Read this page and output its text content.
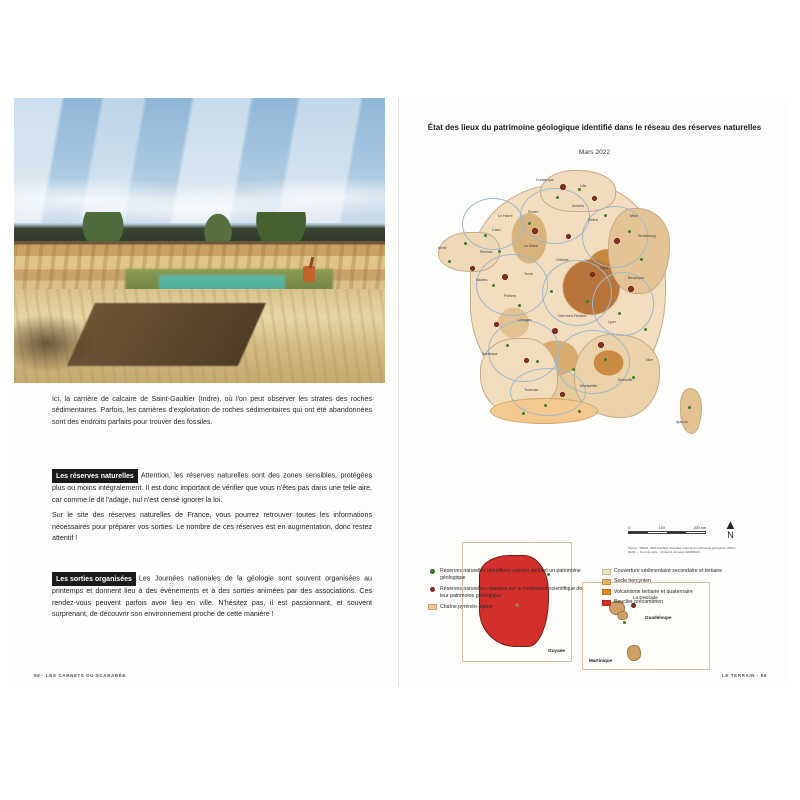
Ici, la carrière de calcaire de Saint-Gaultier (Indre), où l'on peut observer les strates des roches sédimentaires. Parfois, les carrières d'exploitation de roches sédimentaires qui ont été abandonnées sont des endroits parfaits pour trouver des fossiles.

Les réserves naturelles Attention, les réserves naturelles sont des zones sensibles, protégées plus ou moins intégralement. Il est donc important de vérifier que vous n'êtes pas dans une telle aire, car comme le dit l'adage, nul n'est censé ignorer la loi.

Sur le site des réserves naturelles de France, vous pourrez retrouver toutes les informations nécessaires pour préparer vos sorties. Le nombre de ces réserves est en augmentation, donc restez attentif !

Les sorties organisées Les Journées nationales de la géologie sont souvent organisées au printemps et donnent lieu à des évènements et à des sorties animées par des associations. Ces rendez-vous peuvent parfois avoir lieu en ville. N'hésitez pas, il est passionnant, et souvent surprenant, de découvrir son environnement proche de cette manière !

88 · LES CARNETS DU SCARABÉE
État des lieux du patrimoine géologique identifié dans le réseau des réserves naturelles
Mars 2022
Dunkerque
Lille
Amiens
Rouen
Le Havre
Caen
Reims
Metz
Strasbourg
Brest
Rennes
Le Mans
Orléans
Nantes
Tours
Dijon
Besançon
Poitiers
Limoges
Clermont-Ferrand
Lyon
Bordeaux
Toulouse
Montpellier
Marseille
Nice
Ajaccio
0	100	200 km ▲
N
Source : MNHN, UMS PatriNat, Inventaire national du patrimoine géologique (INPG, 2022) — Fond de carte : chartes & données IGN/BRGM.
Guyane
La Désirade
Guadeloupe
Martinique
Réserves naturelles identifiées comme abritant un patrimoine géologique
Réserves naturelles classées sur le fondement scientifique de leur patrimoine géologique
Chaîne pyrénéo-alpine
Couverture sédimentaire secondaire et tertiaire
Socle hercynien
Volcanisme tertiaire et quaternaire
Bouclier précambrien
LE TERRAIN · 89
